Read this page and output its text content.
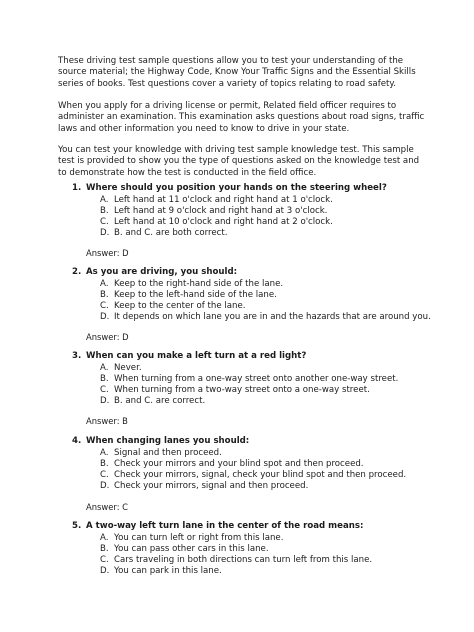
These driving test sample questions allow you to test your understanding of the source material; the Highway Code, Know Your Traffic Signs and the Essential Skills series of books. Test questions cover a variety of topics relating to road safety.

When you apply for a driving license or permit, Related field officer requires to administer an examination. This examination asks questions about road signs, traffic laws and other information you need to know to drive in your state.

You can test your knowledge with driving test sample knowledge test. This sample test is provided to show you the type of questions asked on the knowledge test and to demonstrate how the test is conducted in the field office.

1. Where should you position your hands on the steering wheel?
A. Left hand at 11 o'clock and right hand at 1 o'clock.
B. Left hand at 9 o'clock and right hand at 3 o'clock.
C. Left hand at 10 o'clock and right hand at 2 o'clock.
D. B. and C. are both correct.
Answer: D
2. As you are driving, you should:
A. Keep to the right-hand side of the lane.
B. Keep to the left-hand side of the lane.
C. Keep to the center of the lane.
D. It depends on which lane you are in and the hazards that are around you.
Answer: D
3. When can you make a left turn at a red light?
A. Never.
B. When turning from a one-way street onto another one-way street.
C. When turning from a two-way street onto a one-way street.
D. B. and C. are correct.
Answer: B
4. When changing lanes you should:
A. Signal and then proceed.
B. Check your mirrors and your blind spot and then proceed.
C. Check your mirrors, signal, check your blind spot and then proceed.
D. Check your mirrors, signal and then proceed.
Answer: C
5. A two-way left turn lane in the center of the road means:
A. You can turn left or right from this lane.
B. You can pass other cars in this lane.
C. Cars traveling in both directions can turn left from this lane.
D. You can park in this lane.
